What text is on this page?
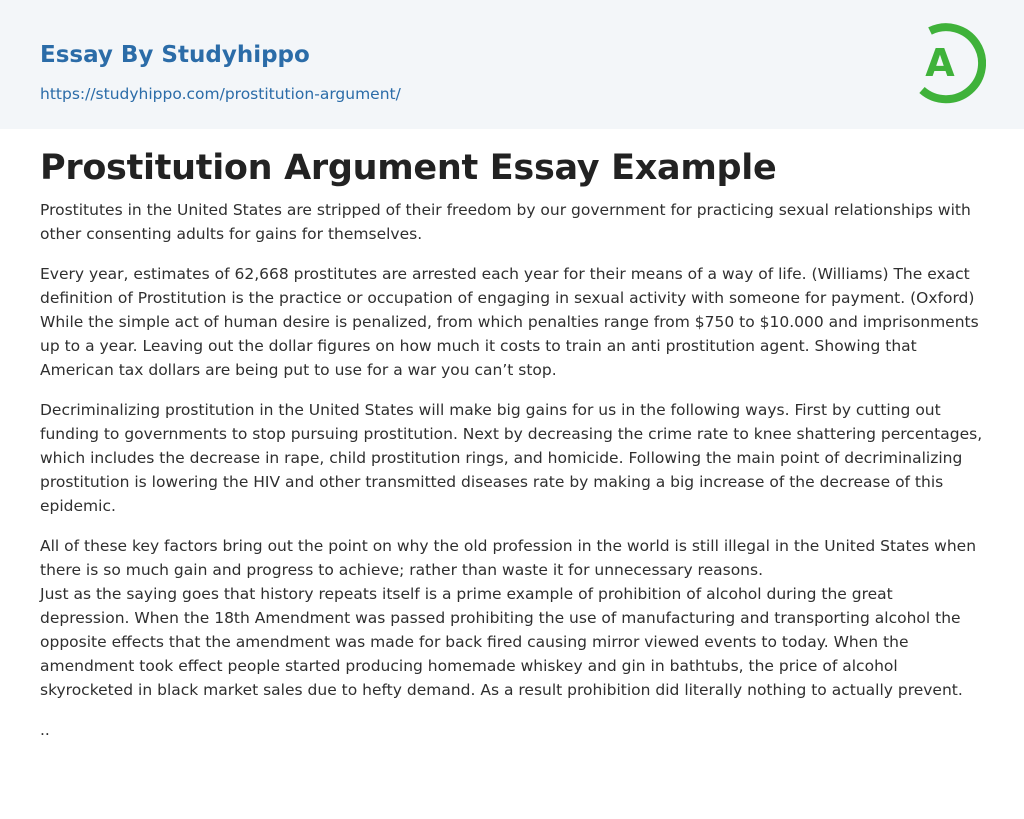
Essay By Studyhippo
https://studyhippo.com/prostitution-argument/
A
Prostitution Argument Essay Example

Prostitutes in the United States are stripped of their freedom by our government for practicing sexual relationships with other consenting adults for gains for themselves.

Every year, estimates of 62,668 prostitutes are arrested each year for their means of a way of life. (Williams) The exact definition of Prostitution is the practice or occupation of engaging in sexual activity with someone for payment. (Oxford) While the simple act of human desire is penalized, from which penalties range from $750 to $10.000 and imprisonments up to a year. Leaving out the dollar figures on how much it costs to train an anti prostitution agent. Showing that American tax dollars are being put to use for a war you can’t stop.

Decriminalizing prostitution in the United States will make big gains for us in the following ways. First by cutting out funding to governments to stop pursuing prostitution. Next by decreasing the crime rate to knee shattering percentages, which includes the decrease in rape, child prostitution rings, and homicide. Following the main point of decriminalizing prostitution is lowering the HIV and other transmitted diseases rate by making a big increase of the decrease of this epidemic.

All of these key factors bring out the point on why the old profession in the world is still illegal in the United States when there is so much gain and progress to achieve; rather than waste it for unnecessary reasons.

Just as the saying goes that history repeats itself is a prime example of prohibition of alcohol during the great depression. When the 18th Amendment was passed prohibiting the use of manufacturing and transporting alcohol the opposite effects that the amendment was made for back fired causing mirror viewed events to today. When the amendment took effect people started producing homemade whiskey and gin in bathtubs, the price of alcohol skyrocketed in black market sales due to hefty demand. As a result prohibition did literally nothing to actually prevent.

..
